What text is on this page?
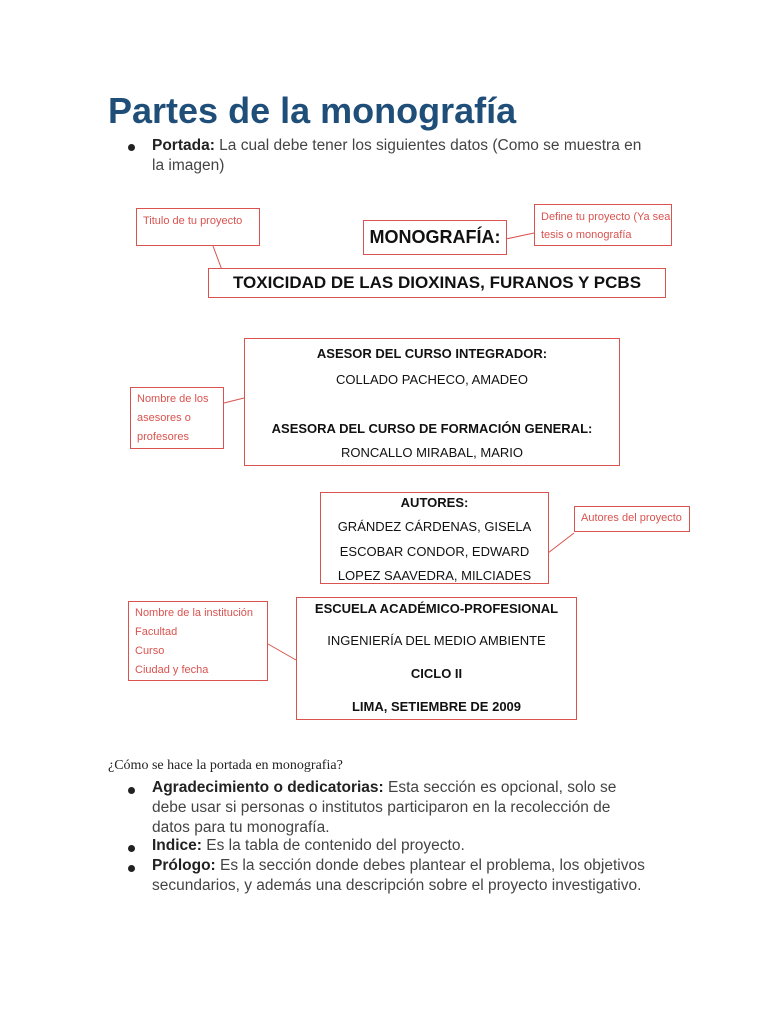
Partes de la monografía
Portada: La cual debe tener los siguientes datos (Como se muestra en la imagen)
Titulo de tu proyecto
MONOGRAFÍA:
Define tu proyecto (Ya sea
tesis o monografía
TOXICIDAD DE LAS DIOXINAS, FURANOS Y PCBS
ASESOR DEL CURSO INTEGRADOR:
COLLADO PACHECO, AMADEO
ASESORA DEL CURSO DE FORMACIÓN GENERAL:
RONCALLO MIRABAL, MARIO
Nombre de los
asesores o
profesores
AUTORES:
GRÁNDEZ CÁRDENAS, GISELA
ESCOBAR CONDOR, EDWARD
LOPEZ SAAVEDRA, MILCIADES
Autores del proyecto
Nombre de la institución
Facultad
Curso
Ciudad y fecha
ESCUELA ACADÉMICO-PROFESIONAL
INGENIERÍA DEL MEDIO AMBIENTE
CICLO II
LIMA, SETIEMBRE DE 2009
¿Cómo se hace la portada en monografia?
Agradecimiento o dedicatorias: Esta sección es opcional, solo se debe usar si personas o institutos participaron en la recolección de datos para tu monografía.
Indice: Es la tabla de contenido del proyecto.
Prólogo: Es la sección donde debes plantear el problema, los objetivos secundarios, y además una descripción sobre el proyecto investigativo.
